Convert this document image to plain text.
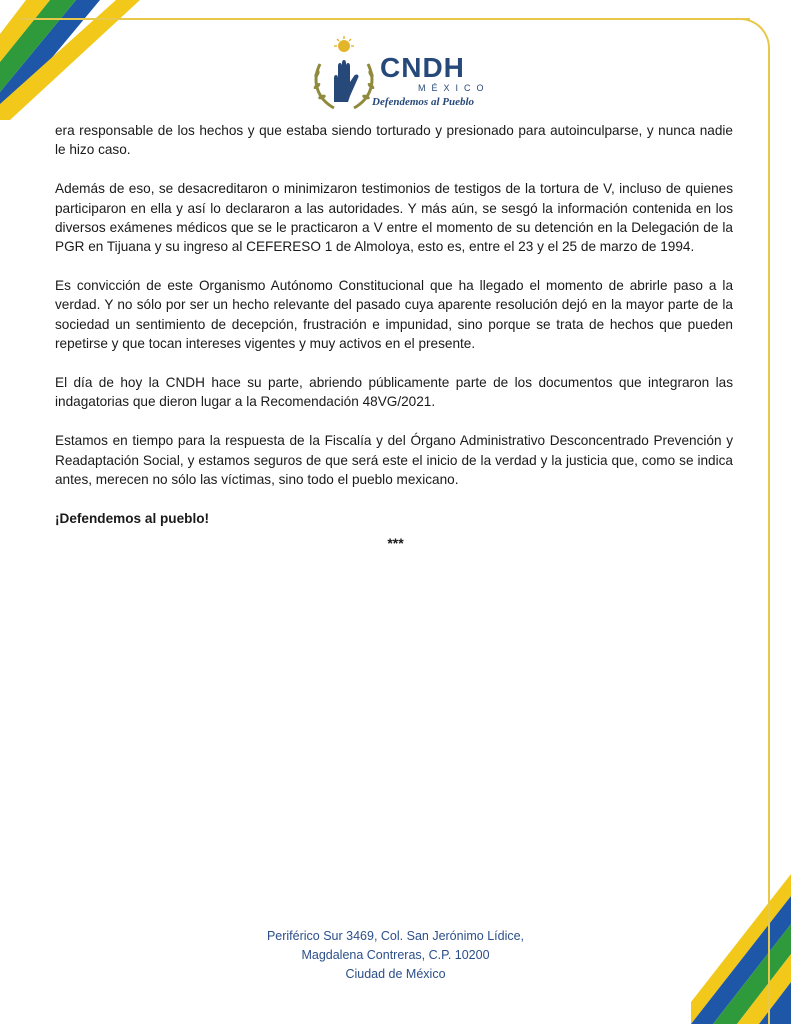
CNDH
MÉXICO
Defendemos al Pueblo

era responsable de los hechos y que estaba siendo torturado y presionado para autoinculparse, y nunca nadie le hizo caso.

Además de eso, se desacreditaron o minimizaron testimonios de testigos de la tortura de V, incluso de quienes participaron en ella y así lo declararon a las autoridades. Y más aún, se sesgó la información contenida en los diversos exámenes médicos que se le practicaron a V entre el momento de su detención en la Delegación de la PGR en Tijuana y su ingreso al CEFERESO 1 de Almoloya, esto es, entre el 23 y el 25 de marzo de 1994.

Es convicción de este Organismo Autónomo Constitucional que ha llegado el momento de abrirle paso a la verdad. Y no sólo por ser un hecho relevante del pasado cuya aparente resolución dejó en la mayor parte de la sociedad un sentimiento de decepción, frustración e impunidad, sino porque se trata de hechos que pueden repetirse y que tocan intereses vigentes y muy activos en el presente.

El día de hoy la CNDH hace su parte, abriendo públicamente parte de los documentos que integraron las indagatorias que dieron lugar a la Recomendación 48VG/2021.

Estamos en tiempo para la respuesta de la Fiscalía y del Órgano Administrativo Desconcentrado Prevención y Readaptación Social, y estamos seguros de que será este el inicio de la verdad y la justicia que, como se indica antes, merecen no sólo las víctimas, sino todo el pueblo mexicano.

¡Defendemos al pueblo!

***
Periférico Sur 3469, Col. San Jerónimo Lídice,
Magdalena Contreras, C.P. 10200
Ciudad de México
